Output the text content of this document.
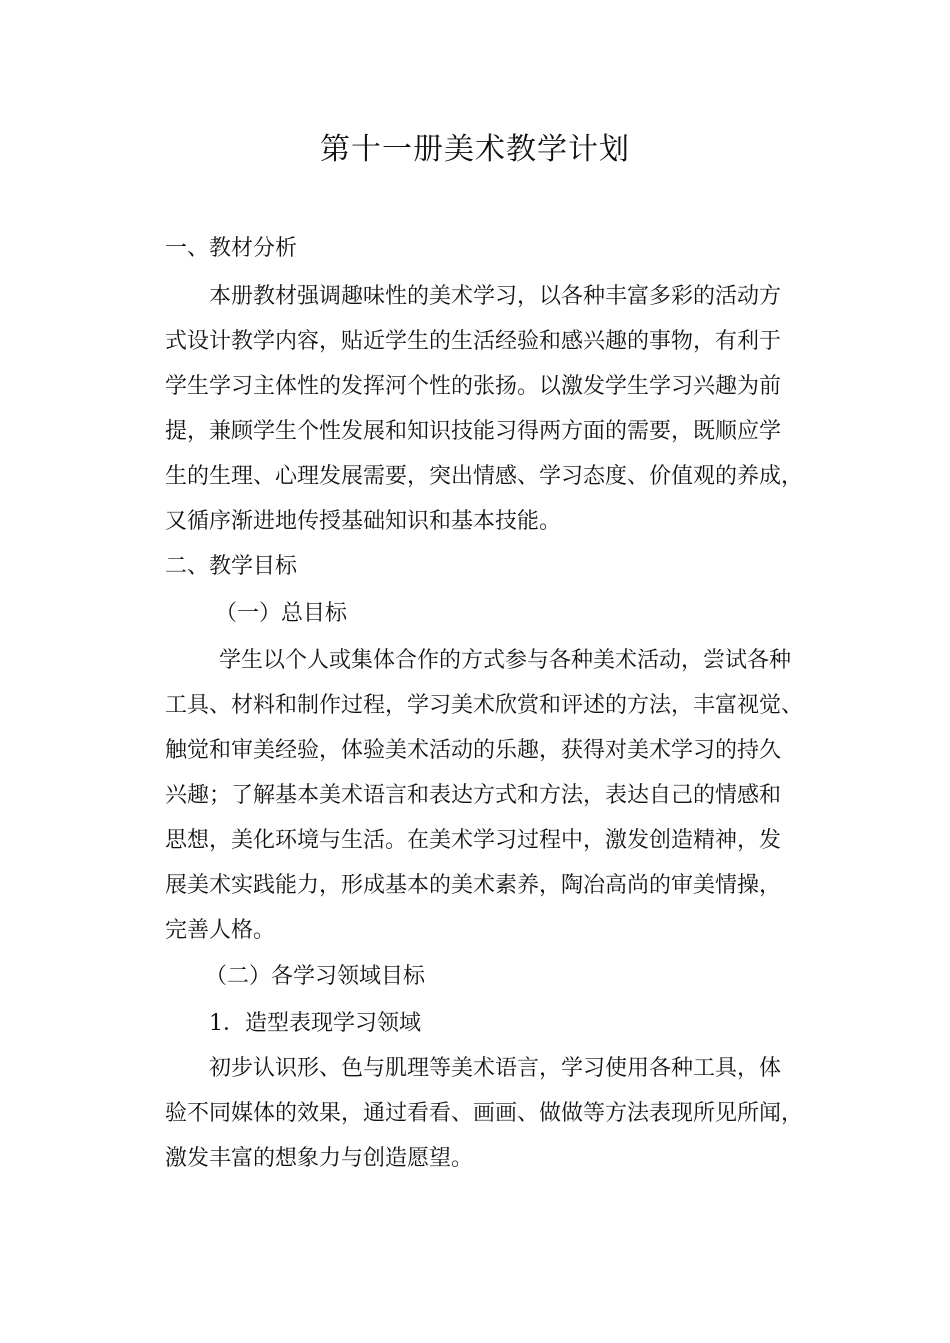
第十一册美术教学计划
一、教材分析
本册教材强调趣味性的美术学习，以各种丰富多彩的活动方
式设计教学内容，贴近学生的生活经验和感兴趣的事物，有利于
学生学习主体性的发挥河个性的张扬。以激发学生学习兴趣为前
提，兼顾学生个性发展和知识技能习得两方面的需要，既顺应学
生的生理、心理发展需要，突出情感、学习态度、价值观的养成，
又循序渐进地传授基础知识和基本技能。
二、教学目标
（一）总目标
学生以个人或集体合作的方式参与各种美术活动，尝试各种
工具、材料和制作过程，学习美术欣赏和评述的方法，丰富视觉、
触觉和审美经验，体验美术活动的乐趣，获得对美术学习的持久
兴趣；了解基本美术语言和表达方式和方法，表达自己的情感和
思想，美化环境与生活。在美术学习过程中，激发创造精神，发
展美术实践能力，形成基本的美术素养，陶冶高尚的审美情操，
完善人格。
（二）各学习领域目标
1．造型表现学习领域
初步认识形、色与肌理等美术语言，学习使用各种工具，体
验不同媒体的效果，通过看看、画画、做做等方法表现所见所闻，
激发丰富的想象力与创造愿望。
